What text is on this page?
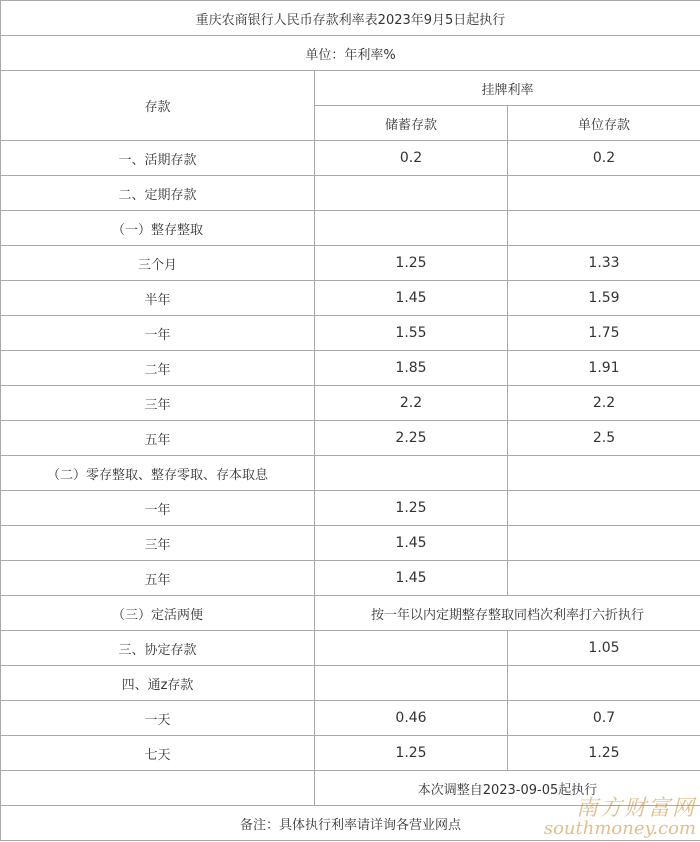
重庆农商银行人民币存款利率表2023年9月5日起执行		
单位：年利率%		
存款	挂牌利率	
	储蓄存款	单位存款
一、活期存款	0.2	0.2
二、定期存款		
（一）整存整取		
三个月	1.25	1.33
半年	1.45	1.59
一年	1.55	1.75
二年	1.85	1.91
三年	2.2	2.2
五年	2.25	2.5
（二）零存整取、整存零取、存本取息		
一年	1.25	
三年	1.45	
五年	1.45	
（三）定活两便	按一年以内定期整存整取同档次利率打六折执行	
三、协定存款		1.05
四、通z存款		
一天	0.46	0.7
七天	1.25	1.25
	本次调整自2023-09-05起执行	
备注：具体执行利率请详询各营业网点		
南方财富网
southmoney.com
